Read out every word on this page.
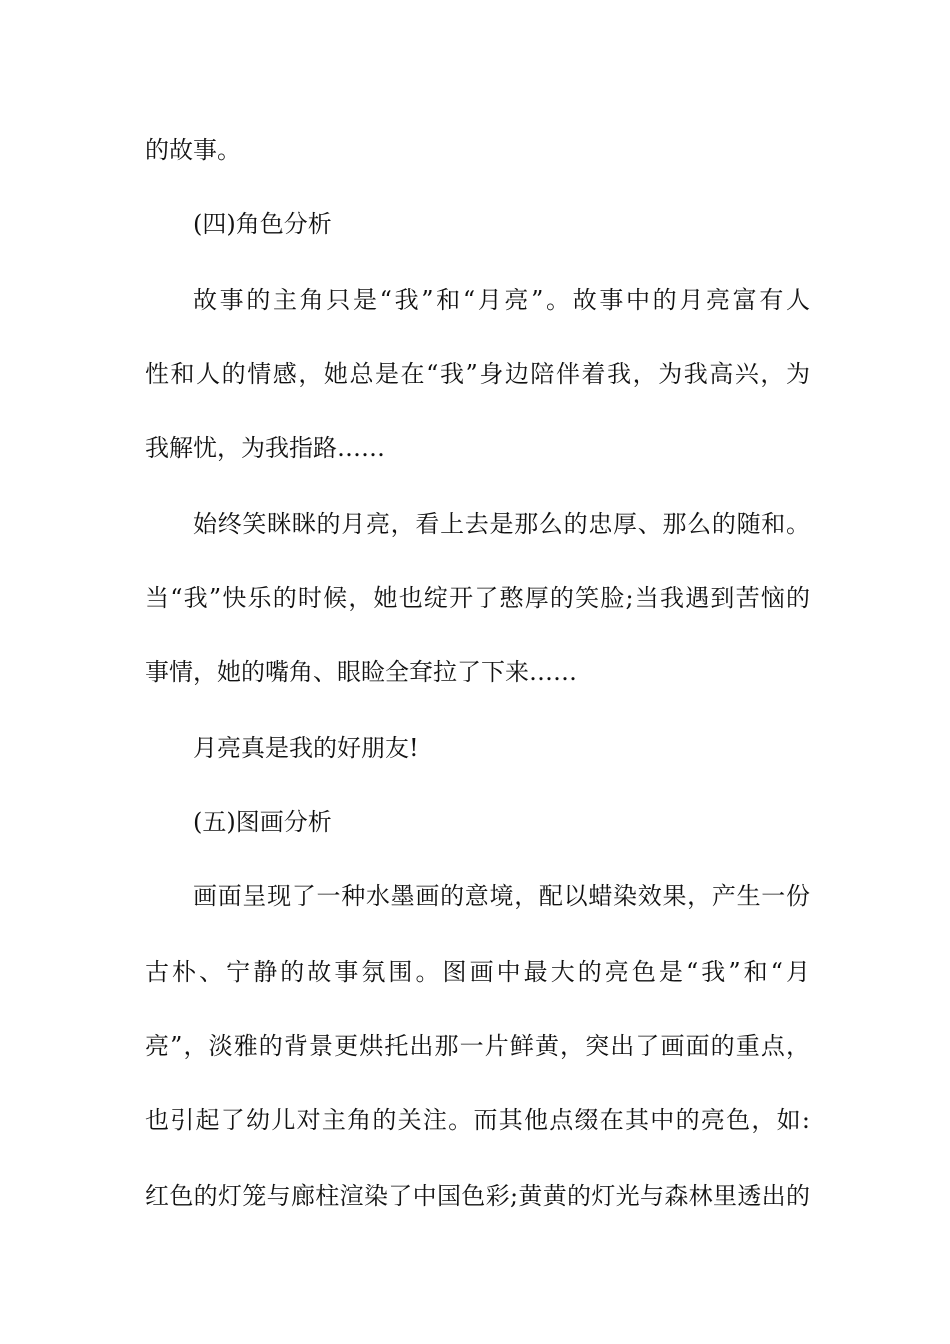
的故事。
(四)角色分析
故事的主角只是“我”和“月亮”。故事中的月亮富有人
性和人的情感，她总是在“我”身边陪伴着我，为我高兴，为
我解忧，为我指路……
始终笑眯眯的月亮，看上去是那么的忠厚、那么的随和。
当“我”快乐的时候，她也绽开了憨厚的笑脸;当我遇到苦恼的
事情，她的嘴角、眼睑全耷拉了下来……
月亮真是我的好朋友!
(五)图画分析
画面呈现了一种水墨画的意境，配以蜡染效果，产生一份
古朴、宁静的故事氛围。图画中最大的亮色是“我”和“月
亮”，淡雅的背景更烘托出那一片鲜黄，突出了画面的重点，
也引起了幼儿对主角的关注。而其他点缀在其中的亮色，如:
红色的灯笼与廊柱渲染了中国色彩;黄黄的灯光与森林里透出的
